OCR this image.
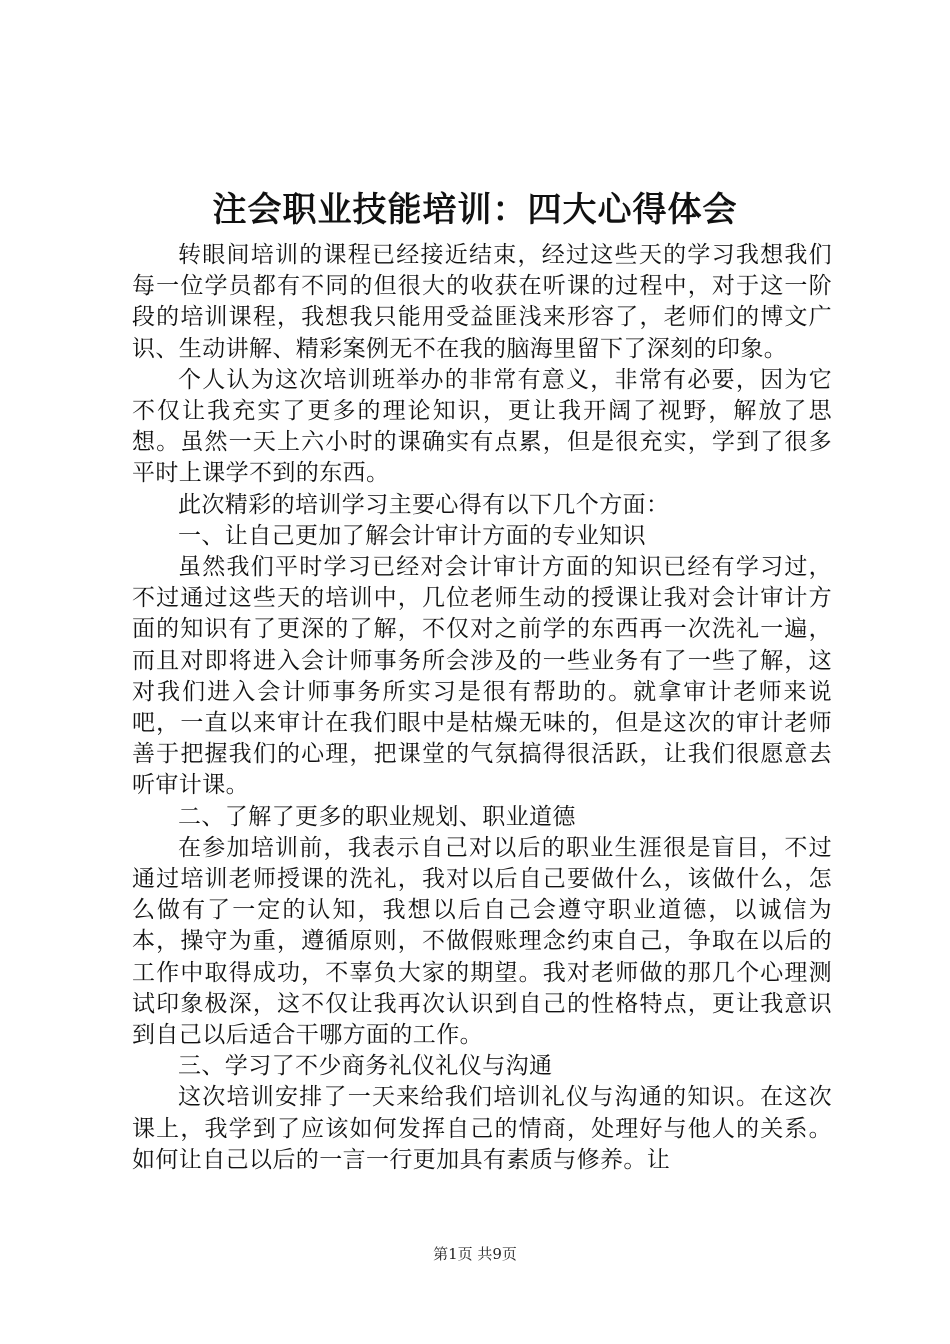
注会职业技能培训：四大心得体会

转眼间培训的课程已经接近结束，经过这些天的学习我想我们每一位学员都有不同的但很大的收获在听课的过程中，对于这一阶段的培训课程，我想我只能用受益匪浅来形容了，老师们的博文广识、生动讲解、精彩案例无不在我的脑海里留下了深刻的印象。

个人认为这次培训班举办的非常有意义，非常有必要，因为它不仅让我充实了更多的理论知识，更让我开阔了视野，解放了思想。虽然一天上六小时的课确实有点累，但是很充实，学到了很多平时上课学不到的东西。

此次精彩的培训学习主要心得有以下几个方面：

一、让自己更加了解会计审计方面的专业知识

虽然我们平时学习已经对会计审计方面的知识已经有学习过，不过通过这些天的培训中，几位老师生动的授课让我对会计审计方面的知识有了更深的了解，不仅对之前学的东西再一次洗礼一遍，而且对即将进入会计师事务所会涉及的一些业务有了一些了解，这对我们进入会计师事务所实习是很有帮助的。就拿审计老师来说吧，一直以来审计在我们眼中是枯燥无味的，但是这次的审计老师善于把握我们的心理，把课堂的气氛搞得很活跃，让我们很愿意去听审计课。

二、了解了更多的职业规划、职业道德

在参加培训前，我表示自己对以后的职业生涯很是盲目，不过通过培训老师授课的洗礼，我对以后自己要做什么，该做什么，怎么做有了一定的认知，我想以后自己会遵守职业道德，以诚信为本，操守为重，遵循原则，不做假账理念约束自己，争取在以后的工作中取得成功，不辜负大家的期望。我对老师做的那几个心理测试印象极深，这不仅让我再次认识到自己的性格特点，更让我意识到自己以后适合干哪方面的工作。

三、学习了不少商务礼仪礼仪与沟通

这次培训安排了一天来给我们培训礼仪与沟通的知识。在这次课上，我学到了应该如何发挥自己的情商，处理好与他人的关系。如何让自己以后的一言一行更加具有素质与修养。让

第1页 共9页
